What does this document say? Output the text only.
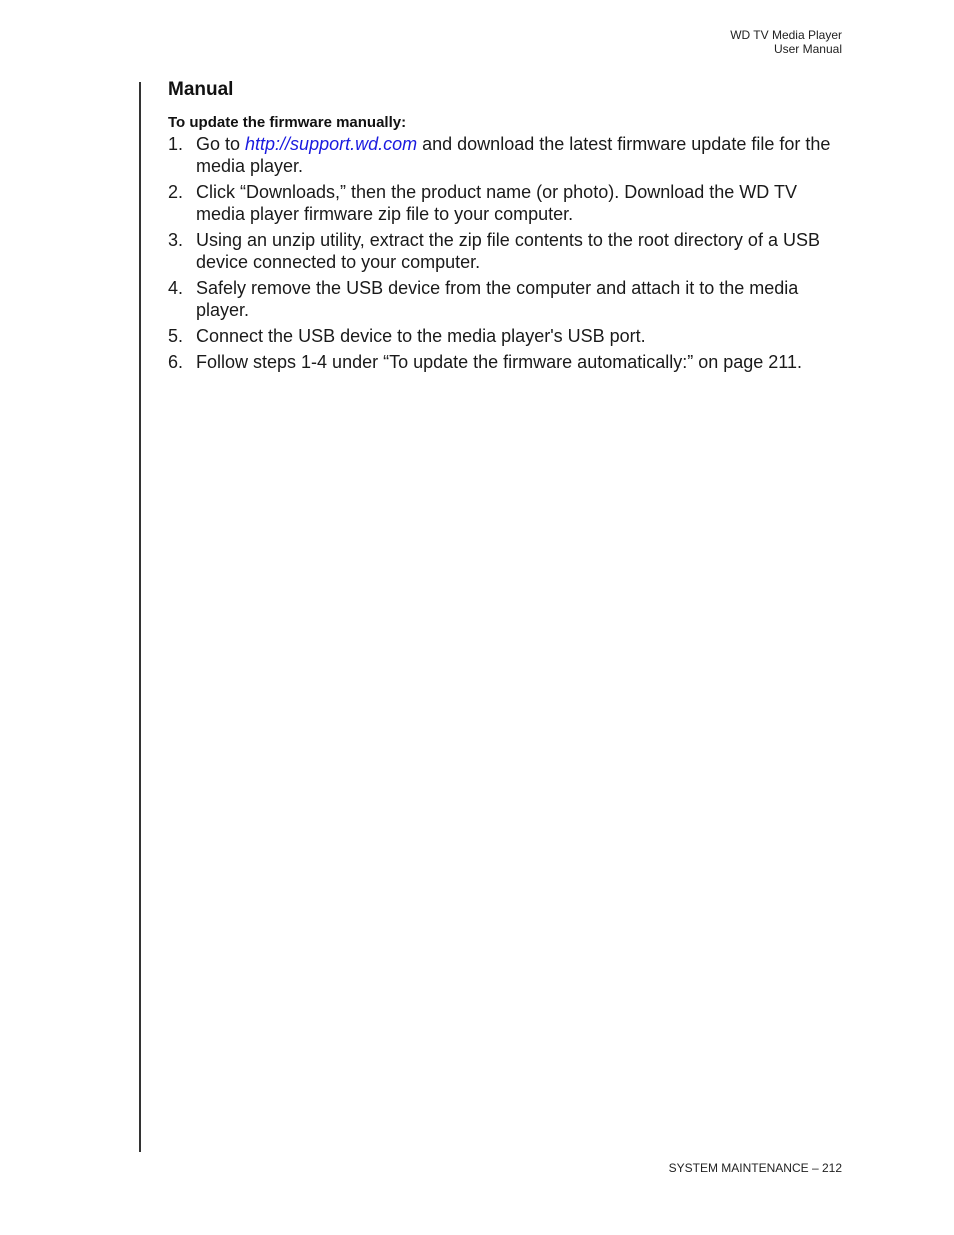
WD TV Media Player
User Manual
Manual
To update the firmware manually:
1. Go to http://support.wd.com and download the latest firmware update file for the media player.
2. Click “Downloads,” then the product name (or photo). Download the WD TV media player firmware zip file to your computer.
3. Using an unzip utility, extract the zip file contents to the root directory of a USB device connected to your computer.
4. Safely remove the USB device from the computer and attach it to the media player.
5. Connect the USB device to the media player's USB port.
6. Follow steps 1-4 under “To update the firmware automatically:” on page 211.
SYSTEM MAINTENANCE – 212
